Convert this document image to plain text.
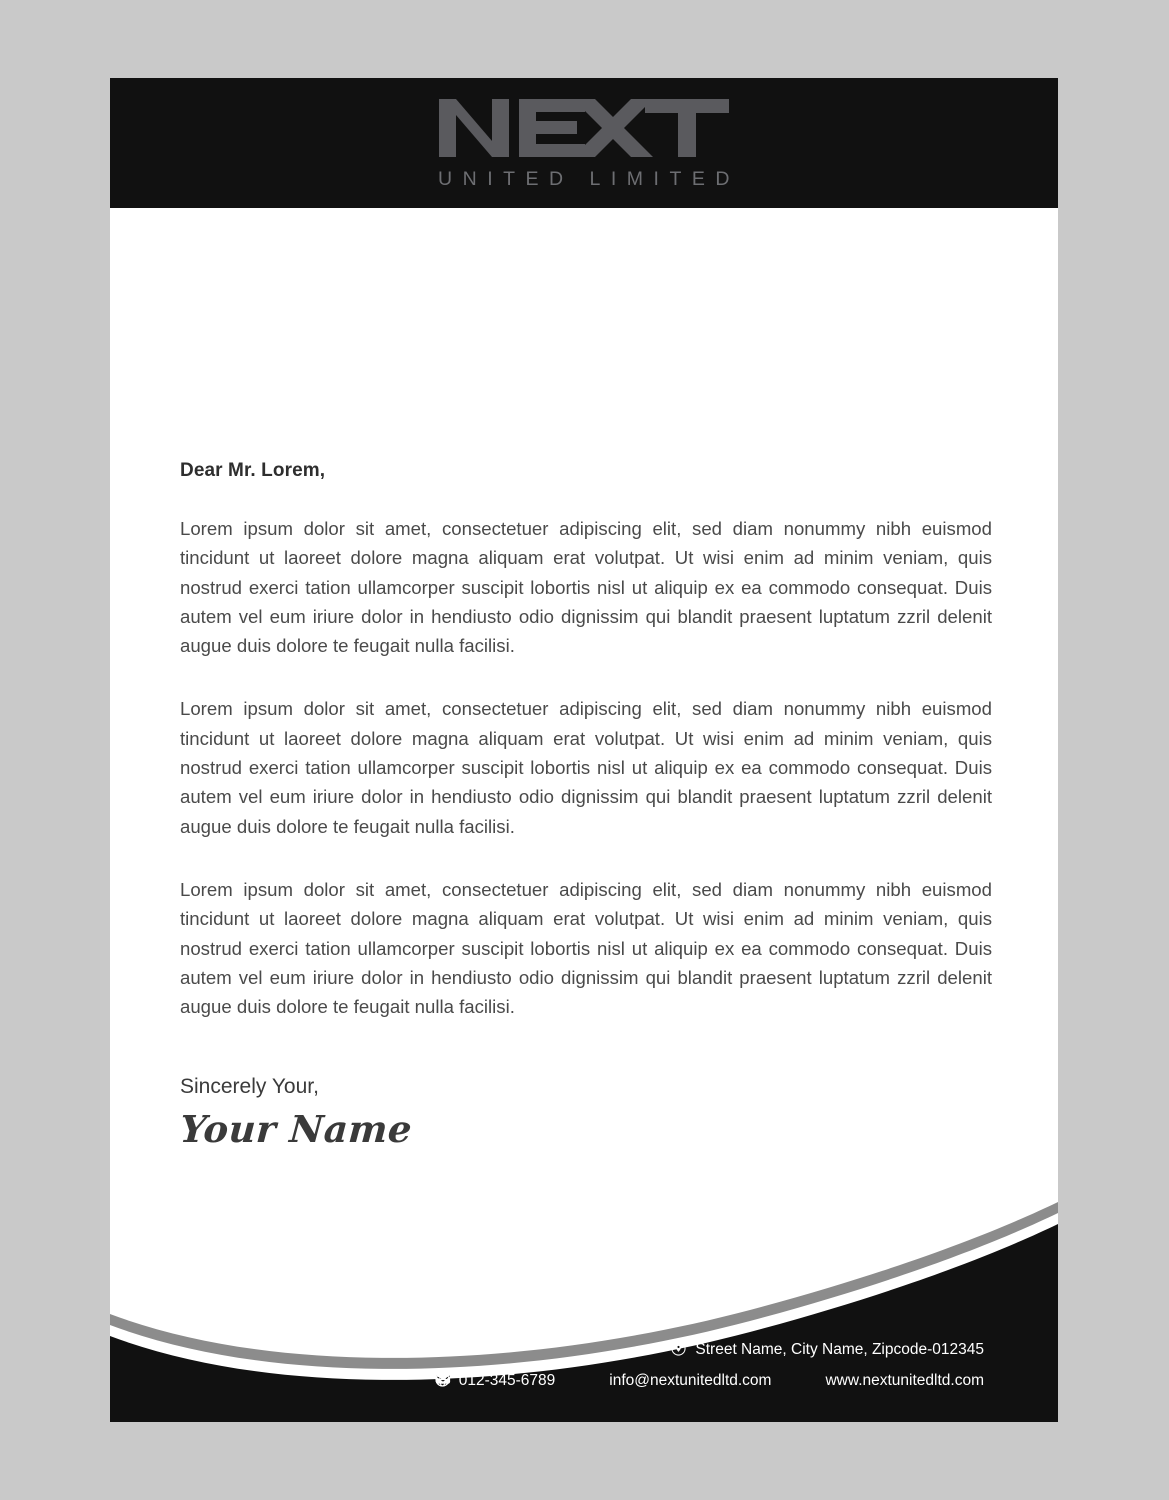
UNITED LIMITED

Dear Mr. Lorem,

Lorem ipsum dolor sit amet, consectetuer adipiscing elit, sed diam nonummy nibh euismod tincidunt ut laoreet dolore magna aliquam erat volutpat. Ut wisi enim ad minim veniam, quis nostrud exerci tation ullamcorper suscipit lobortis nisl ut aliquip ex ea commodo consequat. Duis autem vel eum iriure dolor in hendiusto odio dignissim qui blandit praesent luptatum zzril delenit augue duis dolore te feugait nulla facilisi.

Lorem ipsum dolor sit amet, consectetuer adipiscing elit, sed diam nonummy nibh euismod tincidunt ut laoreet dolore magna aliquam erat volutpat. Ut wisi enim ad minim veniam, quis nostrud exerci tation ullamcorper suscipit lobortis nisl ut aliquip ex ea commodo consequat. Duis autem vel eum iriure dolor in hendiusto odio dignissim qui blandit praesent luptatum zzril delenit augue duis dolore te feugait nulla facilisi.

Lorem ipsum dolor sit amet, consectetuer adipiscing elit, sed diam nonummy nibh euismod tincidunt ut laoreet dolore magna aliquam erat volutpat. Ut wisi enim ad minim veniam, quis nostrud exerci tation ullamcorper suscipit lobortis nisl ut aliquip ex ea commodo consequat. Duis autem vel eum iriure dolor in hendiusto odio dignissim qui blandit praesent luptatum zzril delenit augue duis dolore te feugait nulla facilisi.

Sincerely Your,

Your Name

Street Name, City Name, Zipcode-012345
012-345-6789	info@nextunitedltd.com	www.nextunitedltd.com
